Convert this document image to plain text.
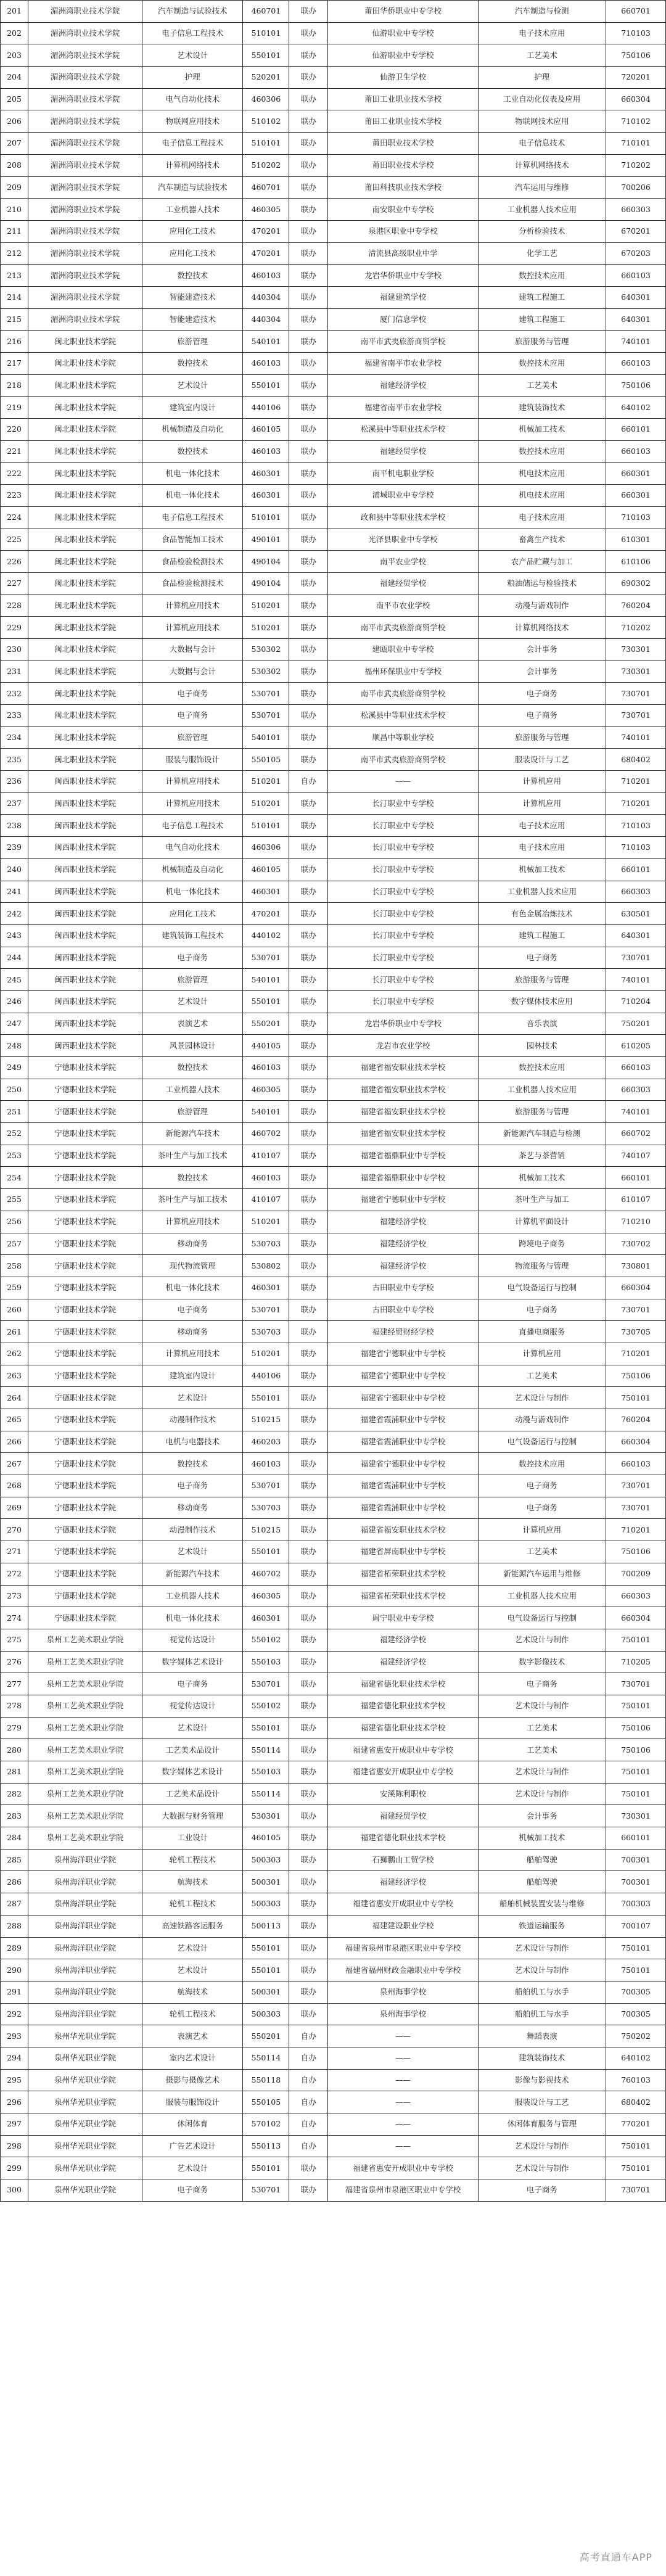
201	湄洲湾职业技术学院	汽车制造与试验技术	460701	联办	莆田华侨职业中专学校	汽车制造与检测	660701
202	湄洲湾职业技术学院	电子信息工程技术	510101	联办	仙游职业中专学校	电子技术应用	710103
203	湄洲湾职业技术学院	艺术设计	550101	联办	仙游职业中专学校	工艺美术	750106
204	湄洲湾职业技术学院	护理	520201	联办	仙游卫生学校	护理	720201
205	湄洲湾职业技术学院	电气自动化技术	460306	联办	莆田工业职业技术学校	工业自动化仪表及应用	660304
206	湄洲湾职业技术学院	物联网应用技术	510102	联办	莆田工业职业技术学校	物联网技术应用	710102
207	湄洲湾职业技术学院	电子信息工程技术	510101	联办	莆田职业技术学校	电子信息技术	710101
208	湄洲湾职业技术学院	计算机网络技术	510202	联办	莆田职业技术学校	计算机网络技术	710202
209	湄洲湾职业技术学院	汽车制造与试验技术	460701	联办	莆田科技职业技术学校	汽车运用与维修	700206
210	湄洲湾职业技术学院	工业机器人技术	460305	联办	南安职业中专学校	工业机器人技术应用	660303
211	湄洲湾职业技术学院	应用化工技术	470201	联办	泉港区职业中专学校	分析检验技术	670201
212	湄洲湾职业技术学院	应用化工技术	470201	联办	清流县高级职业中学	化学工艺	670203
213	湄洲湾职业技术学院	数控技术	460103	联办	龙岩华侨职业中专学校	数控技术应用	660103
214	湄洲湾职业技术学院	智能建造技术	440304	联办	福建建筑学校	建筑工程施工	640301
215	湄洲湾职业技术学院	智能建造技术	440304	联办	厦门信息学校	建筑工程施工	640301
216	闽北职业技术学院	旅游管理	540101	联办	南平市武夷旅游商贸学校	旅游服务与管理	740101
217	闽北职业技术学院	数控技术	460103	联办	福建省南平市农业学校	数控技术应用	660103
218	闽北职业技术学院	艺术设计	550101	联办	福建经济学校	工艺美术	750106
219	闽北职业技术学院	建筑室内设计	440106	联办	福建省南平市农业学校	建筑装饰技术	640102
220	闽北职业技术学院	机械制造及自动化	460105	联办	松溪县中等职业技术学校	机械加工技术	660101
221	闽北职业技术学院	数控技术	460103	联办	福建经贸学校	数控技术应用	660103
222	闽北职业技术学院	机电一体化技术	460301	联办	南平机电职业学校	机电技术应用	660301
223	闽北职业技术学院	机电一体化技术	460301	联办	浦城职业中专学校	机电技术应用	660301
224	闽北职业技术学院	电子信息工程技术	510101	联办	政和县中等职业技术学校	电子技术应用	710103
225	闽北职业技术学院	食品智能加工技术	490101	联办	光泽县职业中专学校	畜禽生产技术	610301
226	闽北职业技术学院	食品检验检测技术	490104	联办	南平农业学校	农产品贮藏与加工	610106
227	闽北职业技术学院	食品检验检测技术	490104	联办	福建经贸学校	粮油储运与检验技术	690302
228	闽北职业技术学院	计算机应用技术	510201	联办	南平市农业学校	动漫与游戏制作	760204
229	闽北职业技术学院	计算机应用技术	510201	联办	南平市武夷旅游商贸学校	计算机网络技术	710202
230	闽北职业技术学院	大数据与会计	530302	联办	建瓯职业中专学校	会计事务	730301
231	闽北职业技术学院	大数据与会计	530302	联办	福州环保职业中专学校	会计事务	730301
232	闽北职业技术学院	电子商务	530701	联办	南平市武夷旅游商贸学校	电子商务	730701
233	闽北职业技术学院	电子商务	530701	联办	松溪县中等职业技术学校	电子商务	730701
234	闽北职业技术学院	旅游管理	540101	联办	顺昌中等职业学校	旅游服务与管理	740101
235	闽北职业技术学院	服装与服饰设计	550105	联办	南平市武夷旅游商贸学校	服装设计与工艺	680402
236	闽西职业技术学院	计算机应用技术	510201	自办	——	计算机应用	710201
237	闽西职业技术学院	计算机应用技术	510201	联办	长汀职业中专学校	计算机应用	710201
238	闽西职业技术学院	电子信息工程技术	510101	联办	长汀职业中专学校	电子技术应用	710103
239	闽西职业技术学院	电气自动化技术	460306	联办	长汀职业中专学校	电子技术应用	710103
240	闽西职业技术学院	机械制造及自动化	460105	联办	长汀职业中专学校	机械加工技术	660101
241	闽西职业技术学院	机电一体化技术	460301	联办	长汀职业中专学校	工业机器人技术应用	660303
242	闽西职业技术学院	应用化工技术	470201	联办	长汀职业中专学校	有色金属冶炼技术	630501
243	闽西职业技术学院	建筑装饰工程技术	440102	联办	长汀职业中专学校	建筑工程施工	640301
244	闽西职业技术学院	电子商务	530701	联办	长汀职业中专学校	电子商务	730701
245	闽西职业技术学院	旅游管理	540101	联办	长汀职业中专学校	旅游服务与管理	740101
246	闽西职业技术学院	艺术设计	550101	联办	长汀职业中专学校	数字媒体技术应用	710204
247	闽西职业技术学院	表演艺术	550201	联办	龙岩华侨职业中专学校	音乐表演	750201
248	闽西职业技术学院	风景园林设计	440105	联办	龙岩市农业学校	园林技术	610205
249	宁德职业技术学院	数控技术	460103	联办	福建省福安职业技术学校	数控技术应用	660103
250	宁德职业技术学院	工业机器人技术	460305	联办	福建省福安职业技术学校	工业机器人技术应用	660303
251	宁德职业技术学院	旅游管理	540101	联办	福建省福安职业技术学校	旅游服务与管理	740101
252	宁德职业技术学院	新能源汽车技术	460702	联办	福建省福安职业技术学校	新能源汽车制造与检测	660702
253	宁德职业技术学院	茶叶生产与加工技术	410107	联办	福建省福鼎职业中专学校	茶艺与茶营销	740107
254	宁德职业技术学院	数控技术	460103	联办	福建省福鼎职业中专学校	机械加工技术	660101
255	宁德职业技术学院	茶叶生产与加工技术	410107	联办	福建省宁德职业中专学校	茶叶生产与加工	610107
256	宁德职业技术学院	计算机应用技术	510201	联办	福建经济学校	计算机平面设计	710210
257	宁德职业技术学院	移动商务	530703	联办	福建经济学校	跨境电子商务	730702
258	宁德职业技术学院	现代物流管理	530802	联办	福建经济学校	物流服务与管理	730801
259	宁德职业技术学院	机电一体化技术	460301	联办	古田职业中专学校	电气设备运行与控制	660304
260	宁德职业技术学院	电子商务	530701	联办	古田职业中专学校	电子商务	730701
261	宁德职业技术学院	移动商务	530703	联办	福建经贸财经学校	直播电商服务	730705
262	宁德职业技术学院	计算机应用技术	510201	联办	福建省宁德职业中专学校	计算机应用	710201
263	宁德职业技术学院	建筑室内设计	440106	联办	福建省宁德职业中专学校	工艺美术	750106
264	宁德职业技术学院	艺术设计	550101	联办	福建省宁德职业中专学校	艺术设计与制作	750101
265	宁德职业技术学院	动漫制作技术	510215	联办	福建省霞浦职业中专学校	动漫与游戏制作	760204
266	宁德职业技术学院	电机与电器技术	460203	联办	福建省霞浦职业中专学校	电气设备运行与控制	660304
267	宁德职业技术学院	数控技术	460103	联办	福建省宁德职业中专学校	数控技术应用	660103
268	宁德职业技术学院	电子商务	530701	联办	福建省霞浦职业中专学校	电子商务	730701
269	宁德职业技术学院	移动商务	530703	联办	福建省霞浦职业中专学校	电子商务	730701
270	宁德职业技术学院	动漫制作技术	510215	联办	福建省福安职业技术学校	计算机应用	710201
271	宁德职业技术学院	艺术设计	550101	联办	福建省屏南职业中专学校	工艺美术	750106
272	宁德职业技术学院	新能源汽车技术	460702	联办	福建省柘荣职业技术学校	新能源汽车运用与维修	700209
273	宁德职业技术学院	工业机器人技术	460305	联办	福建省柘荣职业技术学校	工业机器人技术应用	660303
274	宁德职业技术学院	机电一体化技术	460301	联办	周宁职业中专学校	电气设备运行与控制	660304
275	泉州工艺美术职业学院	视觉传达设计	550102	联办	福建经济学校	艺术设计与制作	750101
276	泉州工艺美术职业学院	数字媒体艺术设计	550103	联办	福建经济学校	数字影像技术	710205
277	泉州工艺美术职业学院	电子商务	530701	联办	福建省德化职业技术学校	电子商务	730701
278	泉州工艺美术职业学院	视觉传达设计	550102	联办	福建省德化职业技术学校	艺术设计与制作	750101
279	泉州工艺美术职业学院	艺术设计	550101	联办	福建省德化职业技术学校	工艺美术	750106
280	泉州工艺美术职业学院	工艺美术品设计	550114	联办	福建省惠安开成职业中专学校	工艺美术	750106
281	泉州工艺美术职业学院	数字媒体艺术设计	550103	联办	福建省惠安开成职业中专学校	艺术设计与制作	750101
282	泉州工艺美术职业学院	工艺美术品设计	550114	联办	安溪陈利职校	艺术设计与制作	750101
283	泉州工艺美术职业学院	大数据与财务管理	530301	联办	福建经贸学校	会计事务	730301
284	泉州工艺美术职业学院	工业设计	460105	联办	福建省德化职业技术学校	机械加工技术	660101
285	泉州海洋职业学院	轮机工程技术	500303	联办	石狮鹏山工贸学校	船舶驾驶	700301
286	泉州海洋职业学院	航海技术	500301	联办	福建经济学校	船舶驾驶	700301
287	泉州海洋职业学院	轮机工程技术	500303	联办	福建省惠安开成职业中专学校	船舶机械装置安装与维修	700303
288	泉州海洋职业学院	高速铁路客运服务	500113	联办	福建建设职业学校	铁道运输服务	700107
289	泉州海洋职业学院	艺术设计	550101	联办	福建省泉州市泉港区职业中专学校	艺术设计与制作	750101
290	泉州海洋职业学院	艺术设计	550101	联办	福建省福州财政金融职业中专学校	艺术设计与制作	750101
291	泉州海洋职业学院	航海技术	500301	联办	泉州海事学校	船舶机工与水手	700305
292	泉州海洋职业学院	轮机工程技术	500303	联办	泉州海事学校	船舶机工与水手	700305
293	泉州华光职业学院	表演艺术	550201	自办	——	舞蹈表演	750202
294	泉州华光职业学院	室内艺术设计	550114	自办	——	建筑装饰技术	640102
295	泉州华光职业学院	摄影与摄像艺术	550118	自办	——	影像与影视技术	760103
296	泉州华光职业学院	服装与服饰设计	550105	自办	——	服装设计与工艺	680402
297	泉州华光职业学院	休闲体育	570102	自办	——	休闲体育服务与管理	770201
298	泉州华光职业学院	广告艺术设计	550113	自办	——	艺术设计与制作	750101
299	泉州华光职业学院	艺术设计	550101	联办	福建省惠安开成职业中专学校	艺术设计与制作	750101
300	泉州华光职业学院	电子商务	530701	联办	福建省泉州市泉港区职业中专学校	电子商务	730701
高考直通车APP
